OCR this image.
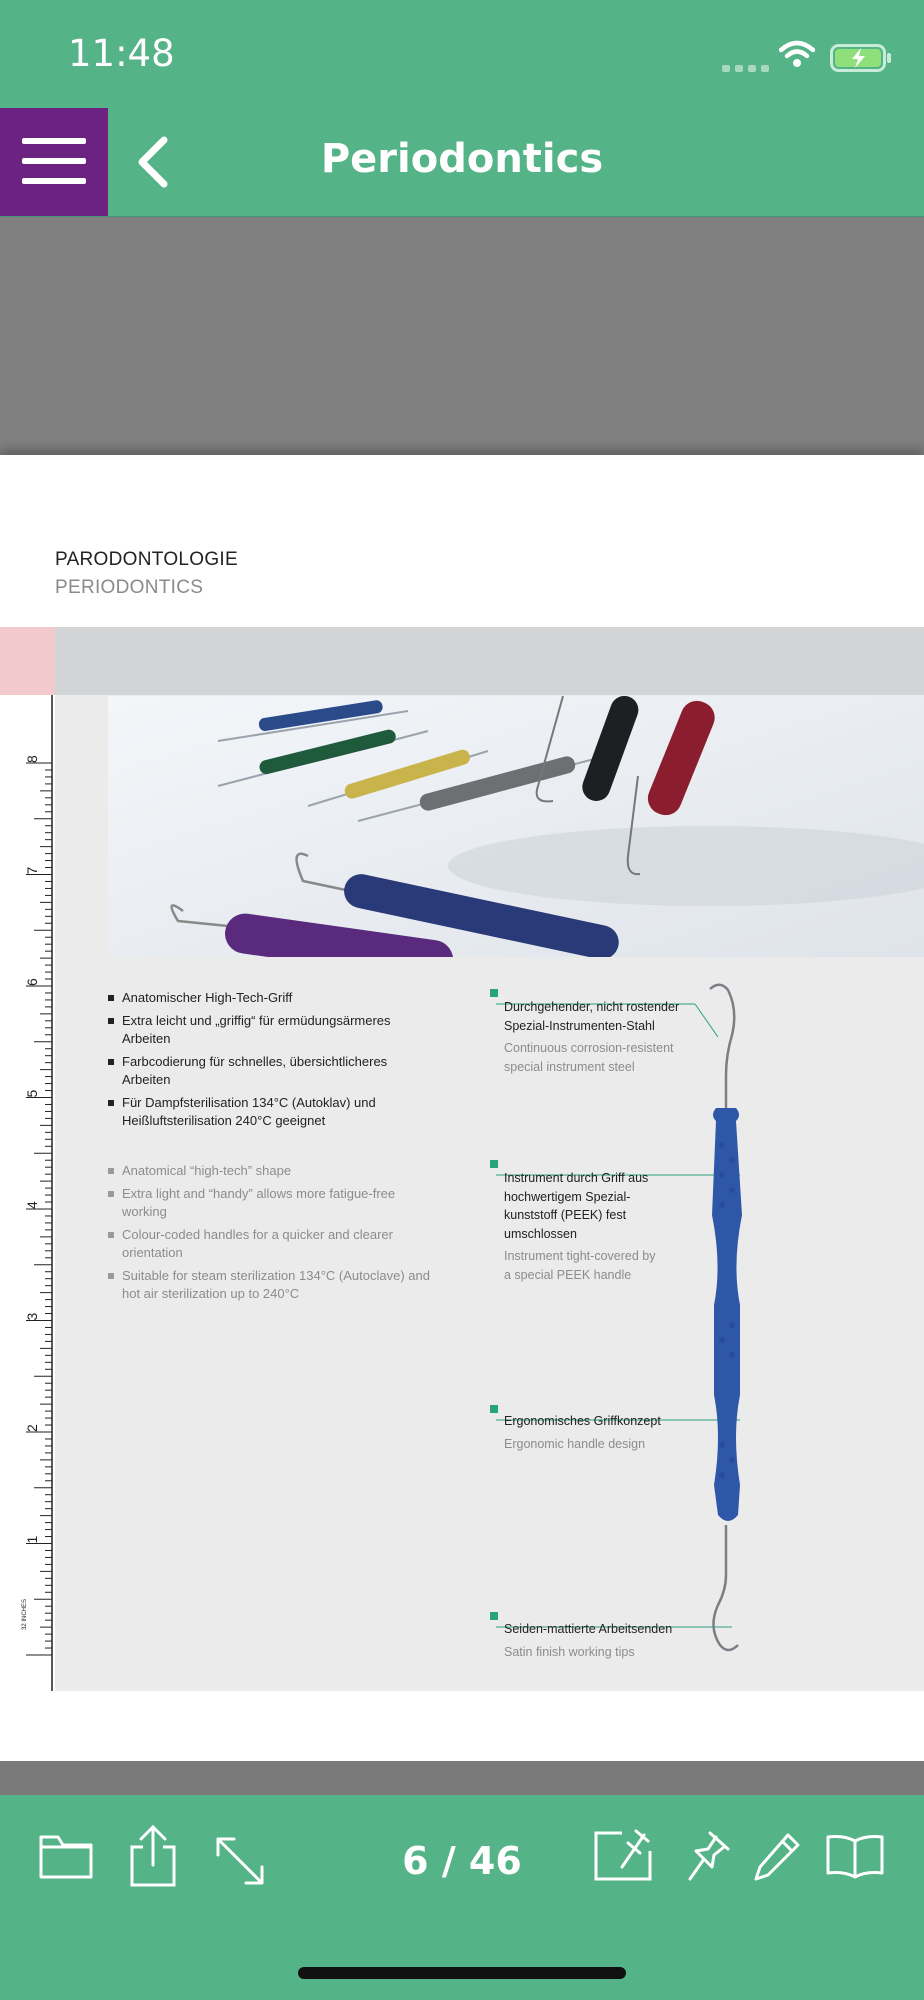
11:48
Periodontics
PARODONTOLOGIE
PERIODONTICS
8
7
6
5
4
3
2
1
32 INCHES
Anatomischer High-Tech-Griff
Extra leicht und „griffig“ für ermüdungsärmeres Arbeiten
Farbcodierung für schnelles, übersichtlicheres Arbeiten
Für Dampfsterilisation 134°C (Autoklav) und Heißluftsterilisation 240°C geeignet
Anatomical “high-tech” shape
Extra light and “handy” allows more fatigue-free working
Colour-coded handles for a quicker and clearer orientation
Suitable for steam sterilization 134°C (Autoclave) and hot air sterilization up to 240°C
Durchgehender, nicht rostender Spezial-Instrumenten-Stahl
Continuous corrosion-resistent special instrument steel
Instrument durch Griff aus hochwertigem Spezial-kunststoff (PEEK) fest umschlossen
Instrument tight-covered by a special PEEK handle
Ergonomisches Griffkonzept
Ergonomic handle design
Seiden-mattierte Arbeitsenden
Satin finish working tips
6 / 46
